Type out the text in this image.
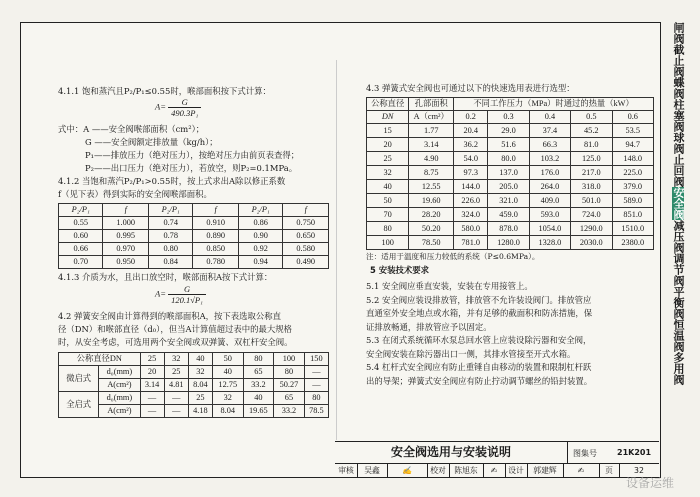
闸阀
截止阀
蝶阀
柱塞阀
球阀
止回阀
安全阀
减压阀
调节阀
平衡阀
恒温阀
多用阀
4.1.1 饱和蒸汽且P₂/P₁≤0.55时，喉部面积按下式计算：
$A= \frac{G}{\text{490.3P₁}}$
式中：A ——安全阀喉部面积（cm²）；
G ——安全阀额定排放量（kg/h）；
P₁——排放压力（绝对压力），按绝对压力由前页表查得；
P₂——出口压力（绝对压力），若放空，则P₂=0.1MPa。
4.1.2 当饱和蒸汽P₂/P₁>0.55时，按上式求出A除以修正系数
f（见下表）得到实际的安全阀喉部面积。
P₂/P₁	f	P₂/P₁	f	P₂/P₁	f
0.55	1.000	0.74	0.910	0.86	0.750
0.60	0.995	0.78	0.890	0.90	0.650
0.66	0.970	0.80	0.850	0.92	0.580
0.70	0.950	0.84	0.780	0.94	0.490
4.1.3 介质为水，且出口放空时，喉部面积A按下式计算：
$A= \frac{G}{\text{120.1√P₁}}$
4.2 弹簧安全阀由计算得到的喉部面积A，按下表选取公称直
径（DN）和喉部直径（d₀），但当A计算值超过表中的最大规格
时，从安全考虑，可选用两个安全阀或双弹簧、双杠杆安全阀。
公称直径DN		25	32	40	50	80	100	150
微启式	d₀(mm)	20	25	32	40	65	80	—
	A(cm²)	3.14	4.81	8.04	12.75	33.2	50.27	—
全启式	d₀(mm)	—	—	25	32	40	65	80
	A(cm²)	—	—	4.18	8.04	19.65	33.2	78.5
4.3 弹簧式安全阀也可通过以下的快速选用表进行选型：
公称直径	孔部面积	不同工作压力（MPa）时通过的热量（kW）				
DN	A（cm²）	0.2	0.3	0.4	0.5	0.6
15	1.77	20.4	29.0	37.4	45.2	53.5
20	3.14	36.2	51.6	66.3	81.0	94.7
25	4.90	54.0	80.0	103.2	125.0	148.0
32	8.75	97.3	137.0	176.0	217.0	225.0
40	12.55	144.0	205.0	264.0	318.0	379.0
50	19.60	226.0	321.0	409.0	501.0	589.0
70	28.20	324.0	459.0	593.0	724.0	851.0
80	50.20	580.0	878.0	1054.0	1290.0	1510.0
100	78.50	781.0	1280.0	1328.0	2030.0	2380.0
注：适用于温度和压力较低的系统（P≤0.6MPa）。
5 安装技术要求
5.1 安全阀应垂直安装，安装在专用接管上。
5.2 安全阀应装设排放管，排放管不允许装设阀门。排放管应
直通室外安全地点或水箱，并有足够的截面积和防冻措施，保
证排放畅通，排放管应予以固定。
5.3 在闭式系统循环水泵总回水管上应装设除污器和安全阀，
安全阀安装在除污器出口一侧，其排水管接至开式水箱。
5.4 杠杆式安全阀应有防止重锤自由移动的装置和限制杠杆跃
出的导架；弹簧式安全阀应有防止拧动调节螺丝的铅封装置。
安全阀选用与安装说明	图集号	21K201
审核	吴鑫	✍	校对	陈旭东	✍	设计	郭建辉	✍	页	32
设备运维
